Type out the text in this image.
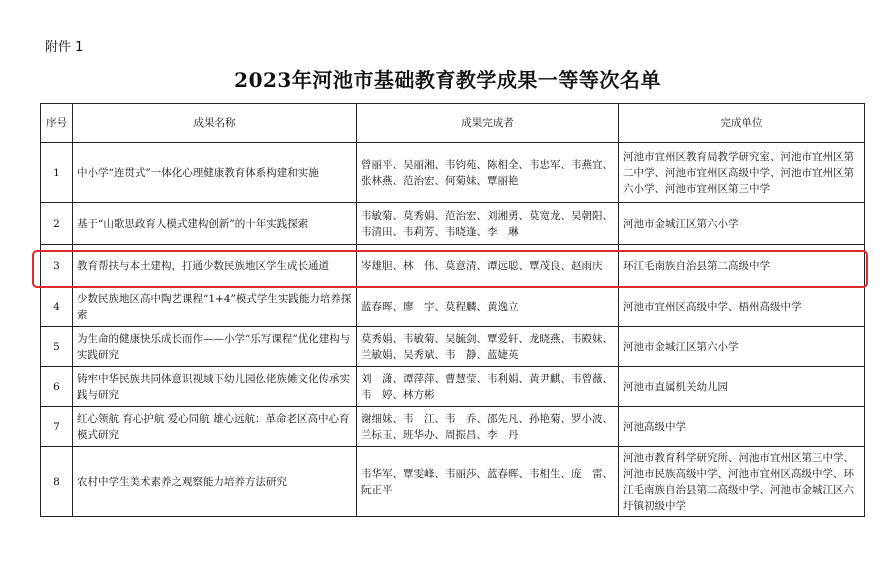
附件 1
2023年河池市基础教育教学成果一等等次名单
序号	成果名称	成果完成者	完成单位
1	中小学“连贯式”一体化心理健康教育体系构建和实施	曾丽平、吴丽湘、韦钧苑、陈相全、韦忠军、韦燕宜、张林燕、范治宏、何菊妹、覃丽艳	河池市宜州区教育局教学研究室、河池市宜州区第二中学、河池市宜州区高级中学、河池市宜州区第六小学、河池市宜州区第三中学
2	基于“山歌思政育人模式建构创新”的十年实践探索	韦敏菊、莫秀娟、范治宏、刘湘勇、莫宽龙、吴朝阳、韦清田、韦莉芳、韦晓逢、李　琳	河池市金城江区第六小学
3	教育帮扶与本土建构，打通少数民族地区学生成长通道	岑雄胆、林　伟、莫意清、谭远聪、覃茂良、赵雨庆	环江毛南族自治县第二高级中学
4	少数民族地区高中陶艺课程“1+4”模式学生实践能力培养探索	蓝春晖、廖　宇、莫程麟、黄逸立	河池市宜州区高级中学、梧州高级中学
5	为生命的健康快乐成长而作——小学“乐写课程”优化建构与实践研究	莫秀娟、韦敏菊、吴毓剑、覃爱轩、龙晓燕、韦殿妹、兰敏娟、吴秀斌、韦　静、蓝婕英	河池市金城江区第六小学
6	铸牢中华民族共同体意识视域下幼儿园仫佬族傩文化传承实践与研究	刘　潇、谭萍萍、曹慧莹、韦利娟、黄尹麒、韦曾薇、韦　婷、林方彬	河池市直属机关幼儿园
7	红心领航 育心护航 爱心同航 雄心远航：革命老区高中心育模式研究	谢细妹、韦　江、韦　乔、邵先凡、孙艳菊、罗小波、兰标玉、班华办、周振昌、李　丹	河池高级中学
8	农村中学生美术素养之观察能力培养方法研究	韦华军、覃雯峰、韦丽莎、蓝春晖、韦相生、庞　雷、阮正平	河池市教育科学研究所、河池市宜州区第三中学、河池市民族高级中学、河池市宜州区高级中学、环江毛南族自治县第二高级中学、河池市金城江区六圩镇初级中学
